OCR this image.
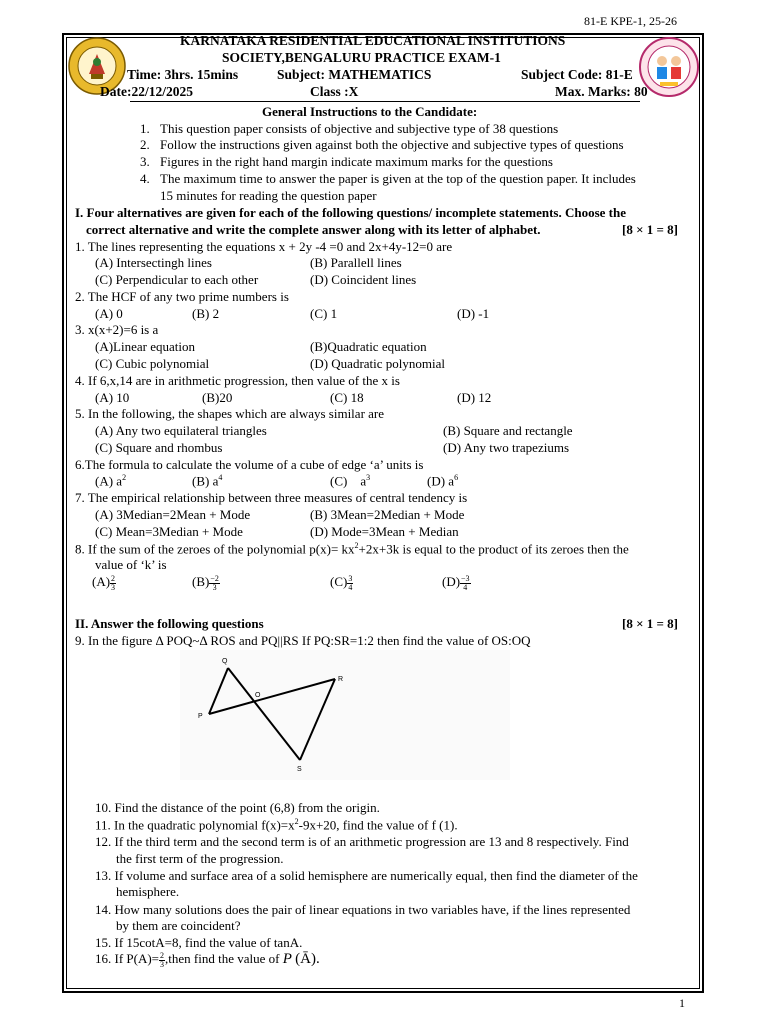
81-E KPE-1, 25-26
KARNATAKA RESIDENTIAL EDUCATIONAL INSTITUTIONS
SOCIETY,BENGALURU PRACTICE EXAM-1
Time: 3hrs. 15mins	Subject: MATHEMATICS	Subject Code: 81-E
Date:22/12/2025	Class :X	Max. Marks: 80
General Instructions to the Candidate:
1. This question paper consists of objective and subjective type of 38 questions
2. Follow the instructions given against both the objective and subjective types of questions
3. Figures in the right hand margin indicate maximum marks for the questions
4. The maximum time to answer the paper is given at the top of the question paper. It includes
15 minutes for reading the question paper
I. Four alternatives are given for each of the following questions/ incomplete statements. Choose the
correct alternative and write the complete answer along with its letter of alphabet.	[8 × 1 = 8]
1. The lines representing the equations x + 2y -4 =0 and 2x+4y-12=0 are
(A) Intersectingh lines	(B) Parallell lines
(C) Perpendicular to each other	(D) Coincident lines
2. The HCF of any two prime numbers is
(A) 0	(B) 2	(C) 1	(D) -1
3. x(x+2)=6 is a
(A)Linear equation	(B)Quadratic equation
(C) Cubic polynomial	(D) Quadratic polynomial
4. If 6,x,14 are in arithmetic progression, then value of the x is
(A) 10	(B)20	(C) 18	(D) 12
5. In the following, the shapes which are always similar are
(A) Any two equilateral triangles	(B) Square and rectangle
(C) Square and rhombus	(D) Any two trapeziums
6.The formula to calculate the volume of a cube of edge ‘a’ units is
(A) $a^2$	(B) $a^4$	(C)    $a^3$	(D) $a^6$
7. The empirical relationship between three measures of central tendency is
(A) 3Median=2Mean + Mode	(B) 3Mean=2Median + Mode
(C) Mean=3Median + Mode	(D) Mode=3Mean + Median
8. If the sum of the zeroes of the polynomial $p(x)= kx^2+2x+3k$ is equal to the product of its zeroes then the
value of ‘k’ is
$(A) \frac{2}{3}$	$(B) \frac{-2}{3}$	$(C) \frac{3}{4}$	$(D) \frac{-3}{4}$
II. Answer the following questions	[8 × 1 = 8]
9. In the figure Δ POQ~Δ ROS and PQ||RS If PQ:SR=1:2 then find the value of OS:OQ
Q
O
R
P
S
10. Find the distance of the point (6,8) from the origin.
11. In the quadratic polynomial $f(x)=x^2-9x+20$, find the value of f (1).
12. If the third term and the second term is of an arithmetic progression are 13 and 8 respectively. Find
the first term of the progression.
13. If volume and surface area of a solid hemisphere are numerically equal, then find the diameter of the
hemisphere.
14. How many solutions does the pair of linear equations in two variables have, if the lines represented
by them are coincident?
15. If 15cotA=8, find the value of tanA.
16. If $P(A)= \frac{2}{3}$ ,then find the value of P (Ā).
1
